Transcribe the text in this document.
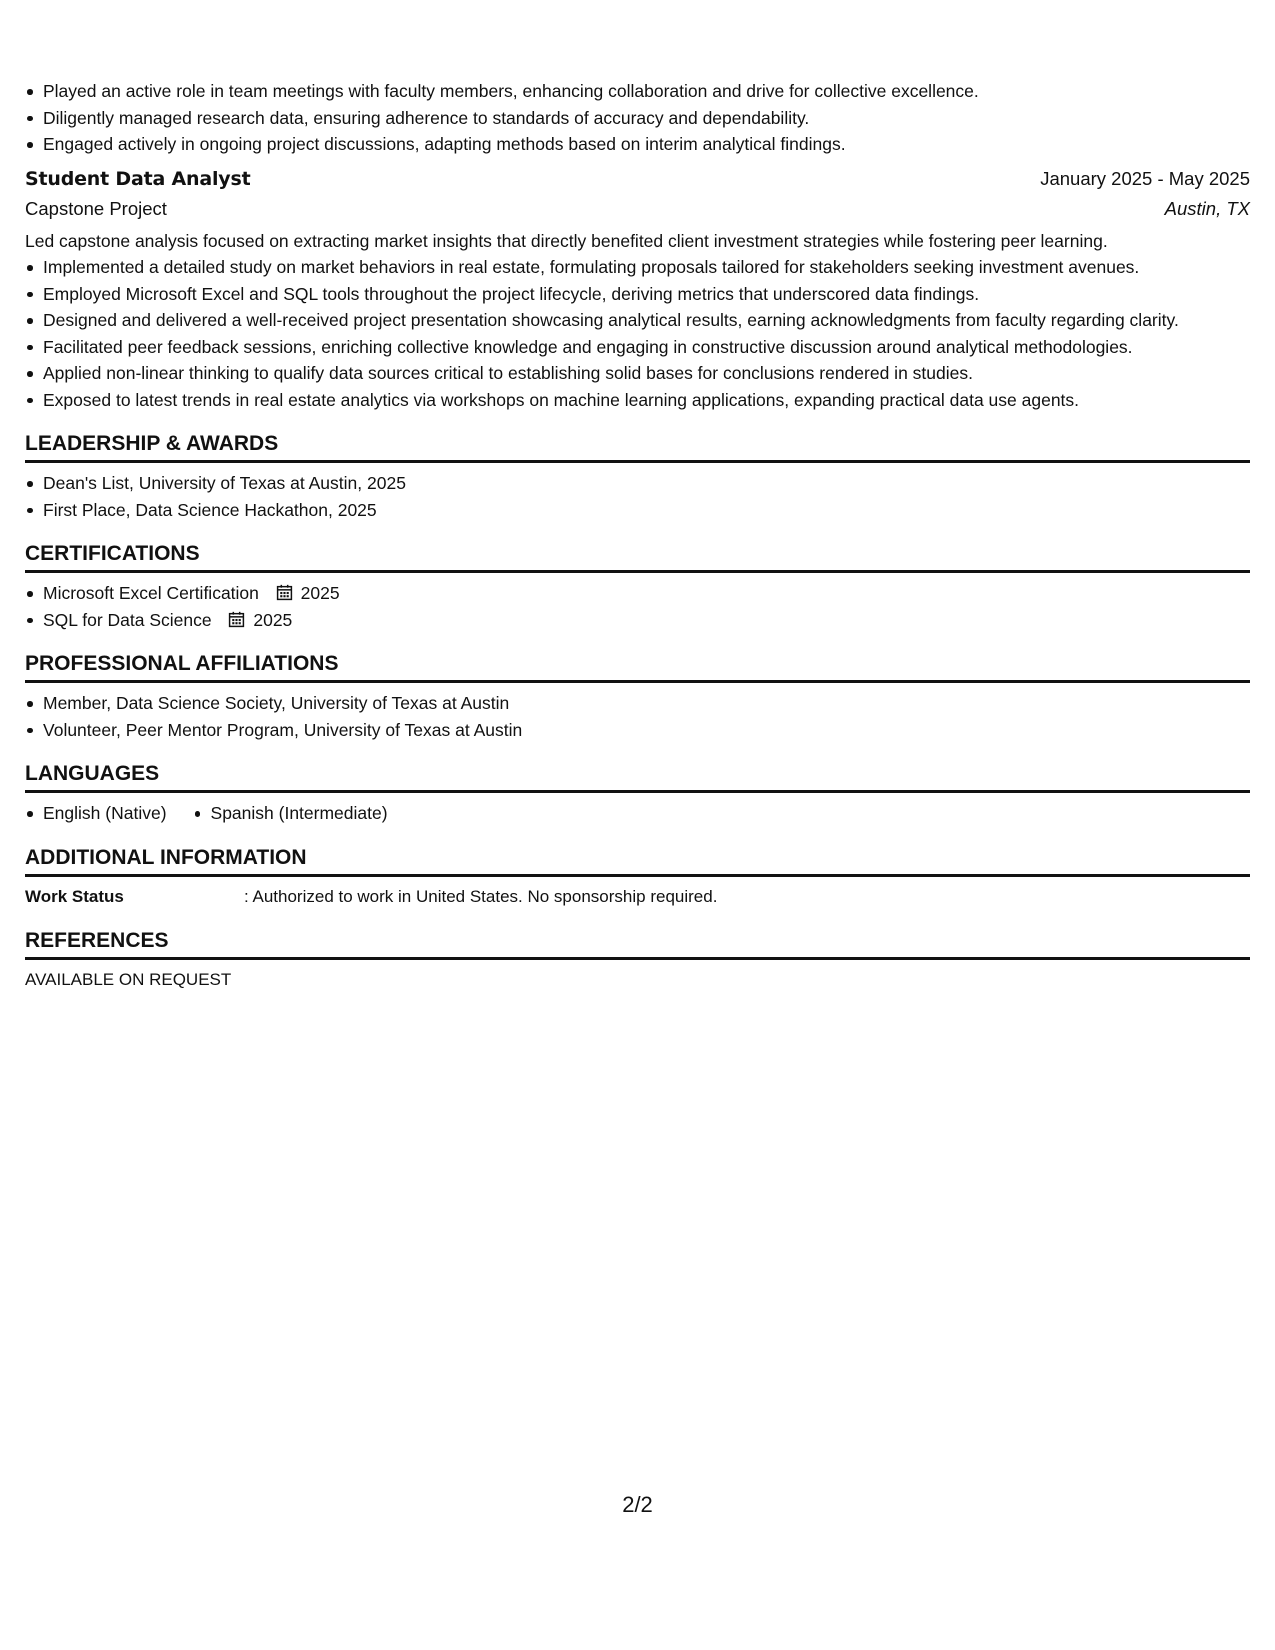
Played an active role in team meetings with faculty members, enhancing collaboration and drive for collective excellence.
Diligently managed research data, ensuring adherence to standards of accuracy and dependability.
Engaged actively in ongoing project discussions, adapting methods based on interim analytical findings.
Student Data Analyst	January 2025 - May 2025
Capstone Project	Austin, TX
Led capstone analysis focused on extracting market insights that directly benefited client investment strategies while fostering peer learning.
Implemented a detailed study on market behaviors in real estate, formulating proposals tailored for stakeholders seeking investment avenues.
Employed Microsoft Excel and SQL tools throughout the project lifecycle, deriving metrics that underscored data findings.
Designed and delivered a well-received project presentation showcasing analytical results, earning acknowledgments from faculty regarding clarity.
Facilitated peer feedback sessions, enriching collective knowledge and engaging in constructive discussion around analytical methodologies.
Applied non-linear thinking to qualify data sources critical to establishing solid bases for conclusions rendered in studies.
Exposed to latest trends in real estate analytics via workshops on machine learning applications, expanding practical data use agents.
LEADERSHIP & AWARDS
Dean's List, University of Texas at Austin, 2025
First Place, Data Science Hackathon, 2025
CERTIFICATIONS
Microsoft Excel Certification 2025
SQL for Data Science 2025
PROFESSIONAL AFFILIATIONS
Member, Data Science Society, University of Texas at Austin
Volunteer, Peer Mentor Program, University of Texas at Austin
LANGUAGES
English (Native)	Spanish (Intermediate)
ADDITIONAL INFORMATION
Work Status	: Authorized to work in United States. No sponsorship required.
REFERENCES
AVAILABLE ON REQUEST
2/2
